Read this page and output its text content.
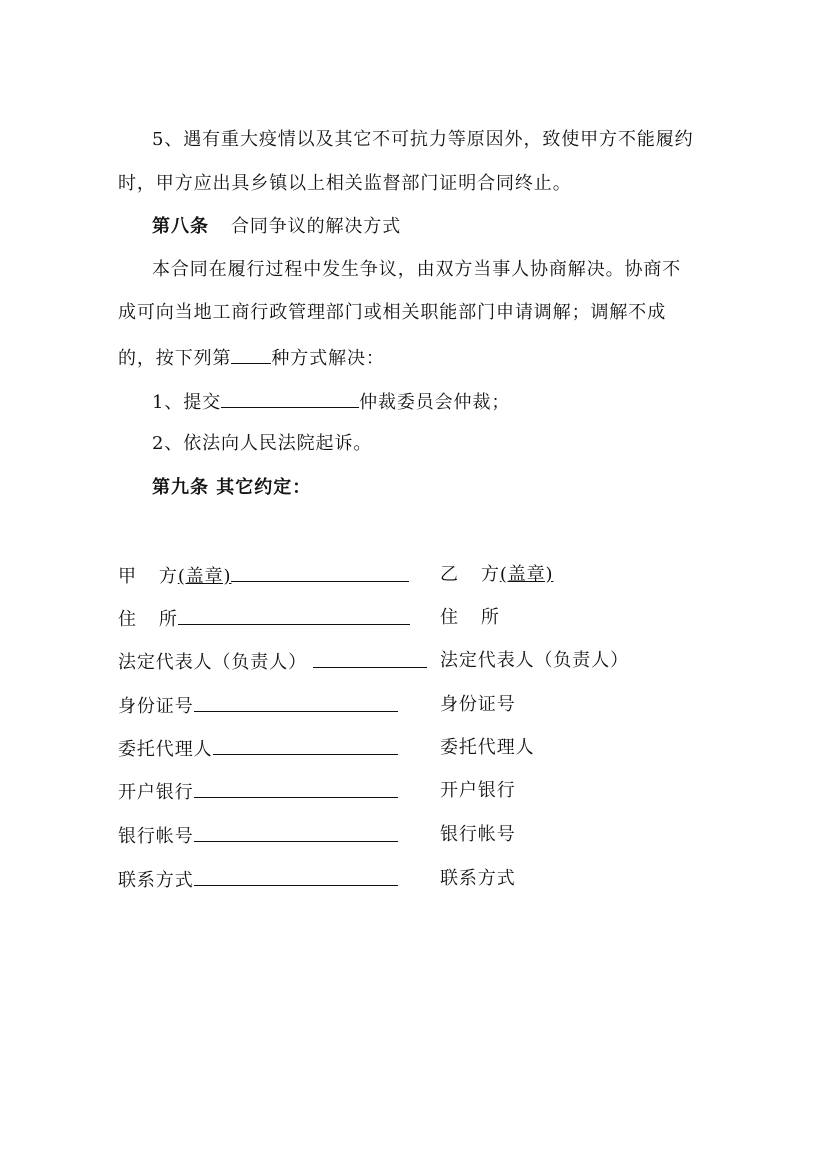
5、遇有重大疫情以及其它不可抗力等原因外，致使甲方不能履约
时，甲方应出具乡镇以上相关监督部门证明合同终止。
第八条 合同争议的解决方式
本合同在履行过程中发生争议，由双方当事人协商解决。协商不
成可向当地工商行政管理部门或相关职能部门申请调解；调解不成
的，按下列第 种方式解决：
1、提交	仲裁委员会仲裁；
2、依法向人民法院起诉。
第九条 其它约定：
甲 方(盖章)	乙 方(盖章)
住 所	住 所
法定代表人（负责人）	法定代表人（负责人）
身份证号	身份证号
委托代理人	委托代理人
开户银行	开户银行
银行帐号	银行帐号
联系方式	联系方式
